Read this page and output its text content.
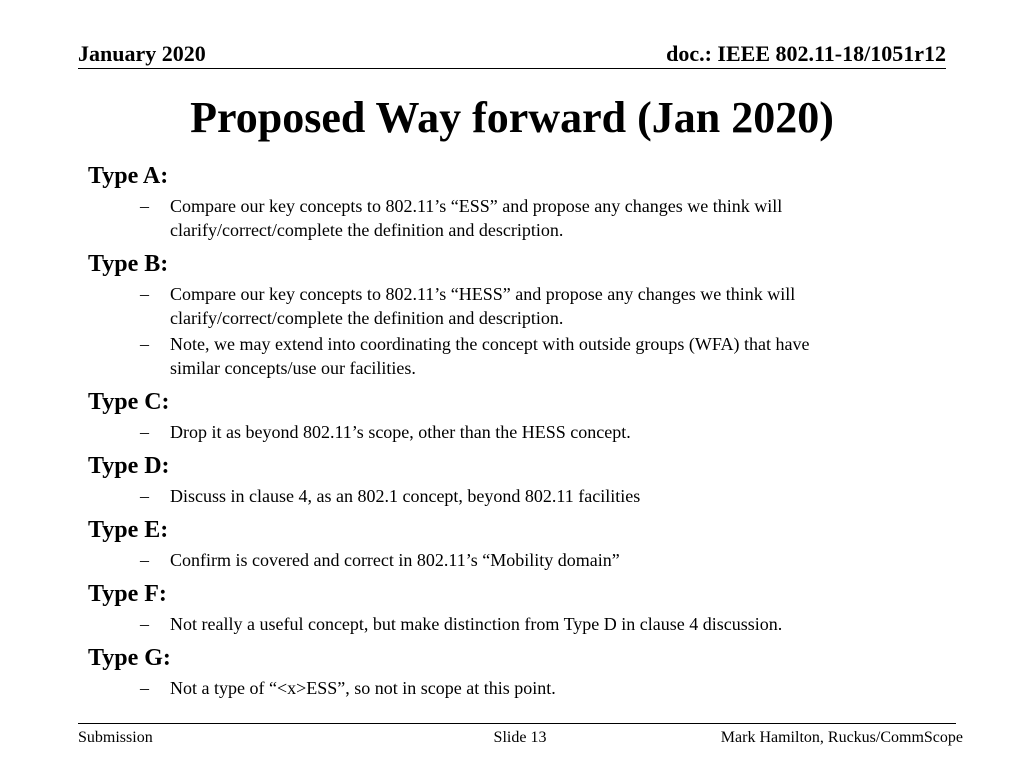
January 2020	doc.: IEEE 802.11-18/1051r12
Proposed Way forward (Jan 2020)
Type A:
– Compare our key concepts to 802.11’s “ESS” and propose any changes we think will
clarify/correct/complete the definition and description.
Type B:
– Compare our key concepts to 802.11’s “HESS” and propose any changes we think will
clarify/correct/complete the definition and description.
– Note, we may extend into coordinating the concept with outside groups (WFA) that have
similar concepts/use our facilities.
Type C:
– Drop it as beyond 802.11’s scope, other than the HESS concept.
Type D:
– Discuss in clause 4, as an 802.1 concept, beyond 802.11 facilities
Type E:
– Confirm is covered and correct in 802.11’s “Mobility domain”
Type F:
– Not really a useful concept, but make distinction from Type D in clause 4 discussion.
Type G:
– Not a type of “<x>ESS”, so not in scope at this point.
Submission	Slide 13	Mark Hamilton, Ruckus/CommScope
